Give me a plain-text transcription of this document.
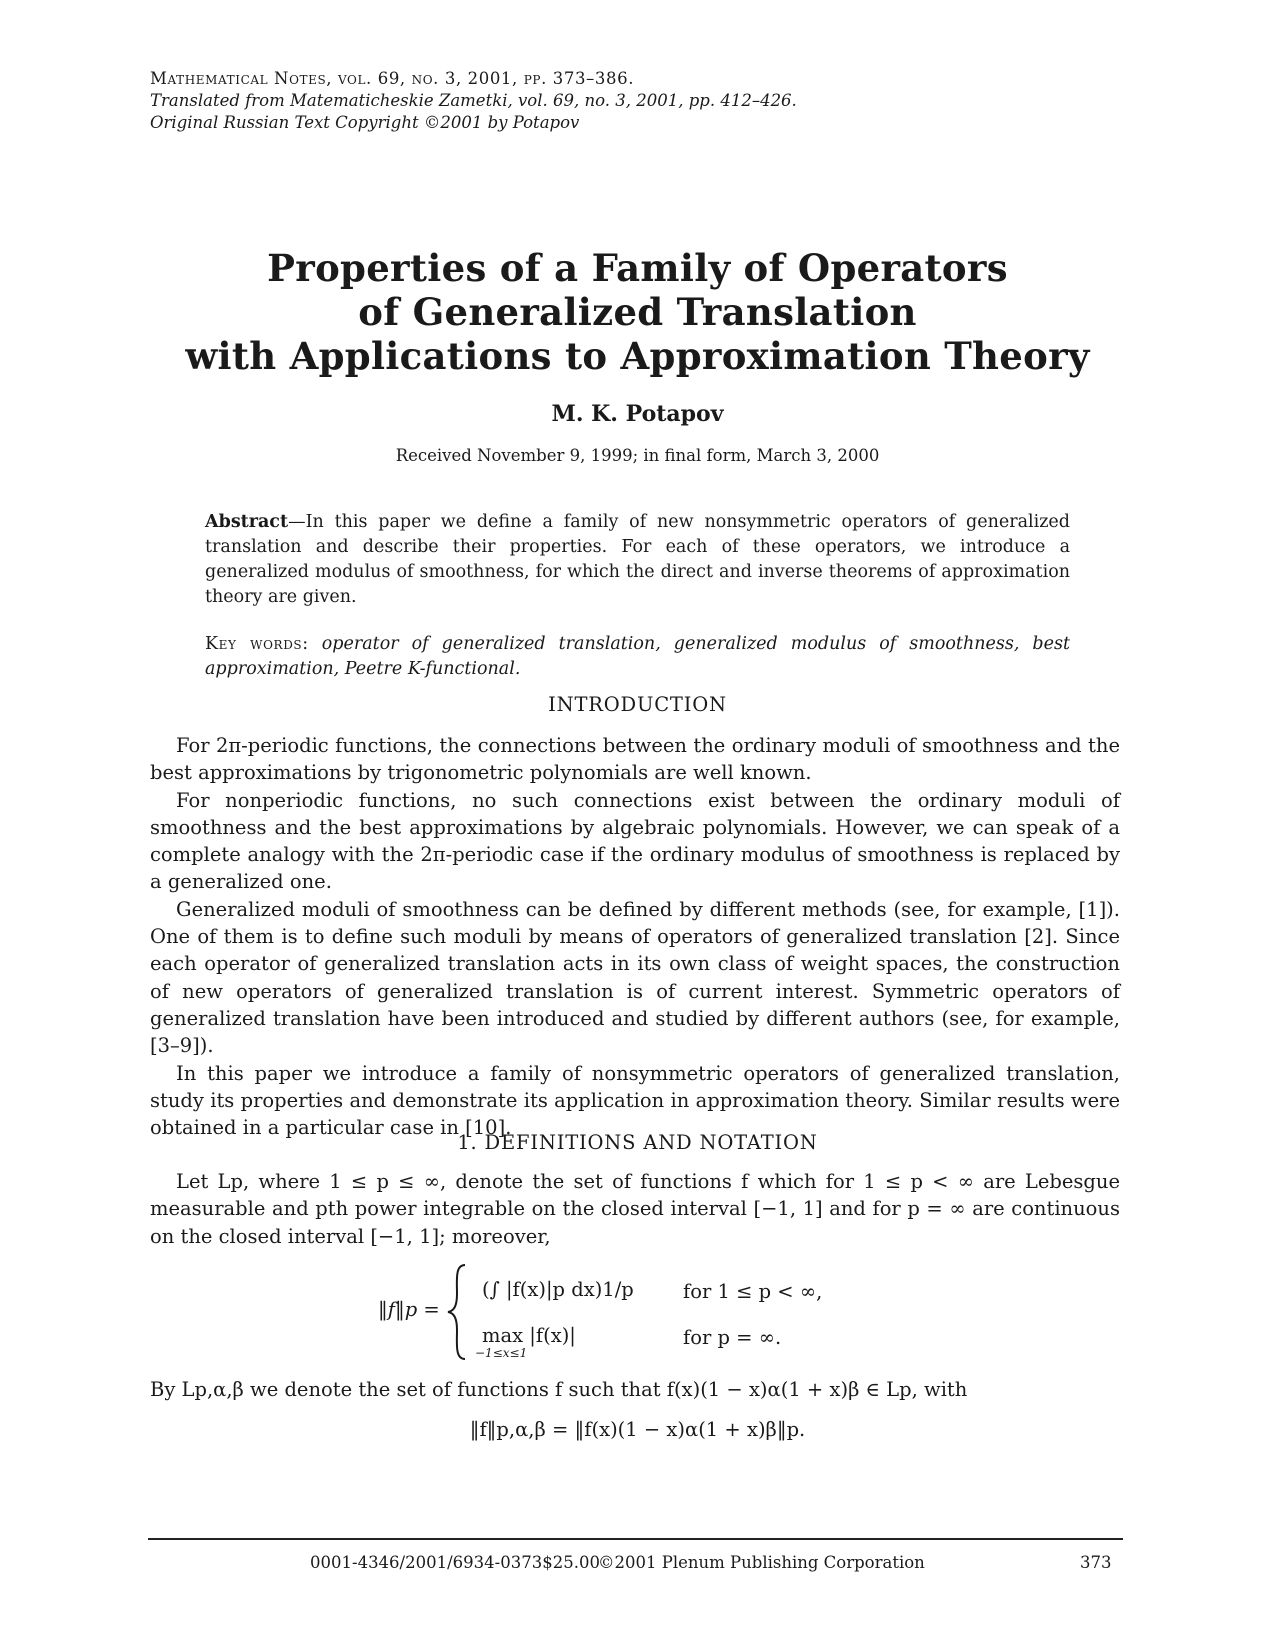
Mathematical Notes, vol. 69, no. 3, 2001, pp. 373–386.
Translated from Matematicheskie Zametki, vol. 69, no. 3, 2001, pp. 412–426.
Original Russian Text Copyright ©2001 by Potapov
Properties of a Family of Operators
of Generalized Translation
with Applications to Approximation Theory
M. K. Potapov
Received November 9, 1999; in final form, March 3, 2000
Abstract—In this paper we define a family of new nonsymmetric operators of generalized translation and describe their properties. For each of these operators, we introduce a generalized modulus of smoothness, for which the direct and inverse theorems of approximation theory are given.
Key words: operator of generalized translation, generalized modulus of smoothness, best approximation, Peetre K-functional.
INTRODUCTION

For 2π-periodic functions, the connections between the ordinary moduli of smoothness and the best approximations by trigonometric polynomials are well known.

For nonperiodic functions, no such connections exist between the ordinary moduli of smoothness and the best approximations by algebraic polynomials. However, we can speak of a complete analogy with the 2π-periodic case if the ordinary modulus of smoothness is replaced by a generalized one.

Generalized moduli of smoothness can be defined by different methods (see, for example, [1]). One of them is to define such moduli by means of operators of generalized translation [2]. Since each operator of generalized translation acts in its own class of weight spaces, the construction of new operators of generalized translation is of current interest. Symmetric operators of generalized translation have been introduced and studied by different authors (see, for example, [3–9]).

In this paper we introduce a family of nonsymmetric operators of generalized translation, study its properties and demonstrate its application in approximation theory. Similar results were obtained in a particular case in [10].

1. DEFINITIONS AND NOTATION

Let Lp, where 1 ≤ p ≤ ∞, denote the set of functions f which for 1 ≤ p < ∞ are Lebesgue measurable and pth power integrable on the closed interval [−1, 1] and for p = ∞ are continuous on the closed interval [−1, 1]; moreover,

‖f‖p =
(∫ |f(x)|p dx)1/p	for 1 ≤ p < ∞,
max |f(x)|
−1≤x≤1
for p = ∞.

By Lp,α,β we denote the set of functions f such that f(x)(1 − x)α(1 + x)β ∈ Lp, with

‖f‖p,α,β = ‖f(x)(1 − x)α(1 + x)β‖p.
0001-4346/2001/6934-0373$25.00
©2001 Plenum Publishing Corporation	373
